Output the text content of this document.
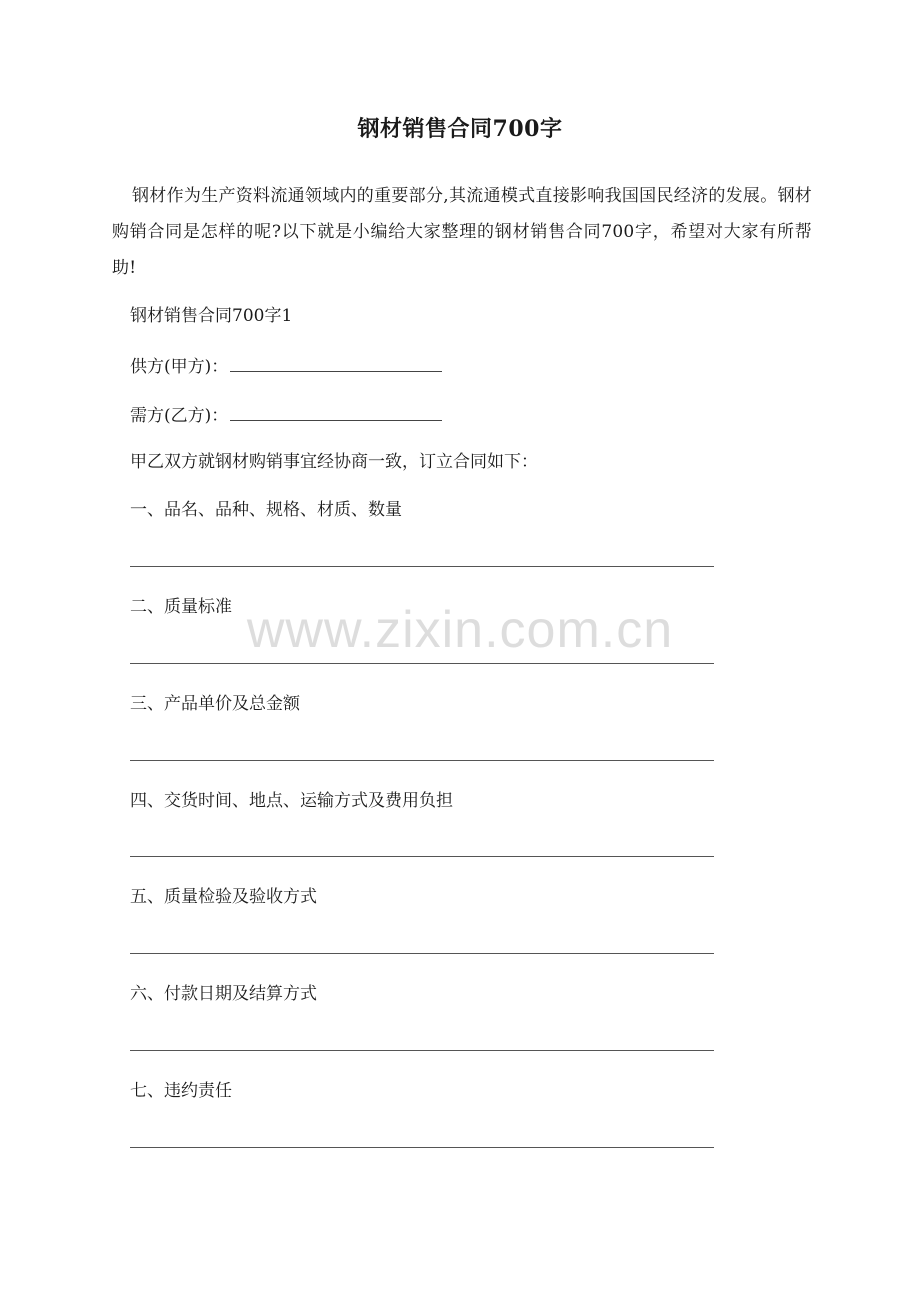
钢材销售合同700字
钢材作为生产资料流通领域内的重要部分,其流通模式直接影响我国国民经济的发展。钢材购销合同是怎样的呢?以下就是小编给大家整理的钢材销售合同700字，希望对大家有所帮助!
钢材销售合同700字1
供方(甲方)：
需方(乙方)：
甲乙双方就钢材购销事宜经协商一致，订立合同如下：
一、品名、品种、规格、材质、数量
二、质量标准
三、产品单价及总金额
四、交货时间、地点、运输方式及费用负担
五、质量检验及验收方式
六、付款日期及结算方式
七、违约责任
www.zixin.com.cn
